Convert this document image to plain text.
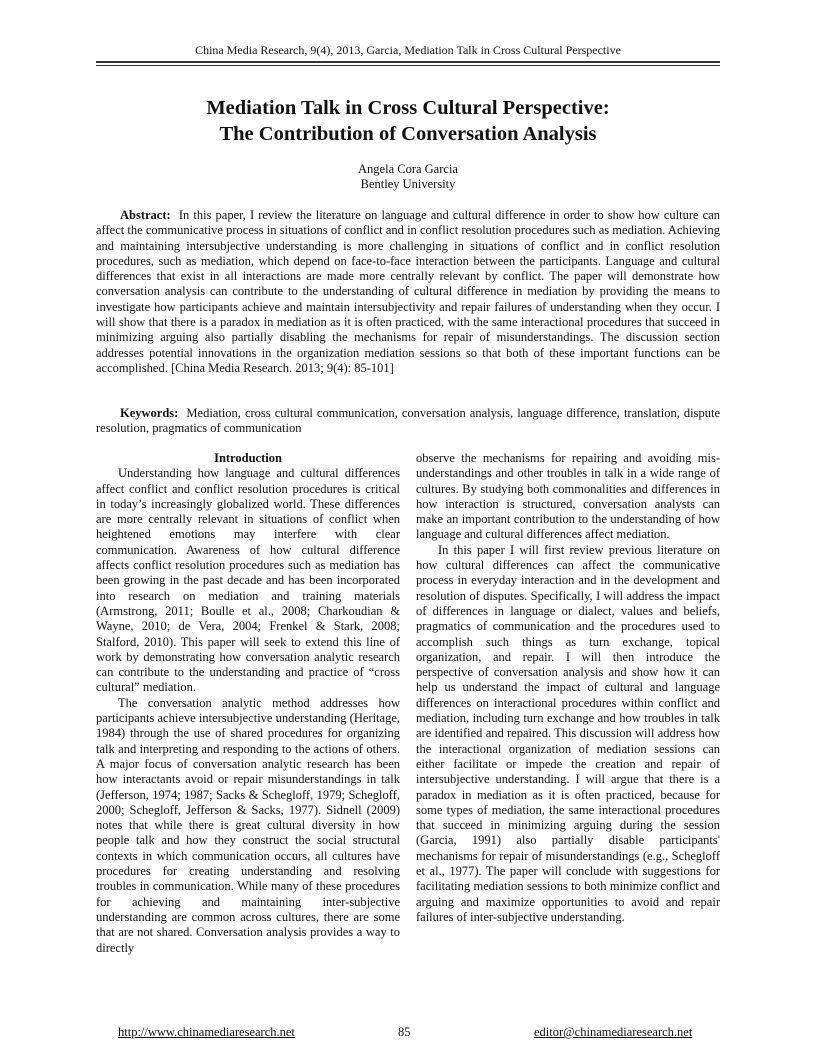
China Media Research, 9(4), 2013, Garcia, Mediation Talk in Cross Cultural Perspective
Mediation Talk in Cross Cultural Perspective:
The Contribution of Conversation Analysis
Angela Cora Garcia
Bentley University

Abstract: In this paper, I review the literature on language and cultural difference in order to show how culture can affect the communicative process in situations of conflict and in conflict resolution procedures such as mediation. Achieving and maintaining intersubjective understanding is more challenging in situations of conflict and in conflict resolution procedures, such as mediation, which depend on face-to-face interaction between the participants. Language and cultural differences that exist in all interactions are made more centrally relevant by conflict. The paper will demonstrate how conversation analysis can contribute to the understanding of cultural difference in mediation by providing the means to investigate how participants achieve and maintain intersubjectivity and repair failures of understanding when they occur. I will show that there is a paradox in mediation as it is often practiced, with the same interactional procedures that succeed in minimizing arguing also partially disabling the mechanisms for repair of misunderstandings. The discussion section addresses potential innovations in the organization mediation sessions so that both of these important functions can be accomplished. [China Media Research. 2013; 9(4): 85-101]

Keywords: Mediation, cross cultural communication, conversation analysis, language difference, translation, dispute resolution, pragmatics of communication

Introduction

Understanding how language and cultural differences affect conflict and conflict resolution procedures is critical in today’s increasingly globalized world. These differences are more centrally relevant in situations of conflict when heightened emotions may interfere with clear communication. Awareness of how cultural difference affects conflict resolution procedures such as mediation has been growing in the past decade and has been incorporated into research on mediation and training materials (Armstrong, 2011; Boulle et al., 2008; Charkoudian & Wayne, 2010; de Vera, 2004; Frenkel & Stark, 2008; Stalford, 2010). This paper will seek to extend this line of work by demonstrating how conversation analytic research can contribute to the understanding and practice of “cross cultural” mediation.

The conversation analytic method addresses how participants achieve intersubjective understanding (Heritage, 1984) through the use of shared procedures for organizing talk and interpreting and responding to the actions of others. A major focus of conversation analytic research has been how interactants avoid or repair misunderstandings in talk (Jefferson, 1974; 1987; Sacks & Schegloff, 1979; Schegloff, 2000; Schegloff, Jefferson & Sacks, 1977). Sidnell (2009) notes that while there is great cultural diversity in how people talk and how they construct the social structural contexts in which communication occurs, all cultures have procedures for creating understanding and resolving troubles in communication. While many of these procedures for achieving and maintaining inter-subjective understanding are common across cultures, there are some that are not shared. Conversation analysis provides a way to directly

observe the mechanisms for repairing and avoiding mis-understandings and other troubles in talk in a wide range of cultures. By studying both commonalities and differences in how interaction is structured, conversation analysts can make an important contribution to the understanding of how language and cultural differences affect mediation.

In this paper I will first review previous literature on how cultural differences can affect the communicative process in everyday interaction and in the development and resolution of disputes. Specifically, I will address the impact of differences in language or dialect, values and beliefs, pragmatics of communication and the procedures used to accomplish such things as turn exchange, topical organization, and repair. I will then introduce the perspective of conversation analysis and show how it can help us understand the impact of cultural and language differences on interactional procedures within conflict and mediation, including turn exchange and how troubles in talk are identified and repaired. This discussion will address how the interactional organization of mediation sessions can either facilitate or impede the creation and repair of intersubjective understanding. I will argue that there is a paradox in mediation as it is often practiced, because for some types of mediation, the same interactional procedures that succeed in minimizing arguing during the session (Garcia, 1991) also partially disable participants' mechanisms for repair of misunderstandings (e.g., Schegloff et al., 1977). The paper will conclude with suggestions for facilitating mediation sessions to both minimize conflict and arguing and maximize opportunities to avoid and repair failures of inter-subjective understanding.

http://www.chinamediaresearch.net	85	editor@chinamediaresearch.net
